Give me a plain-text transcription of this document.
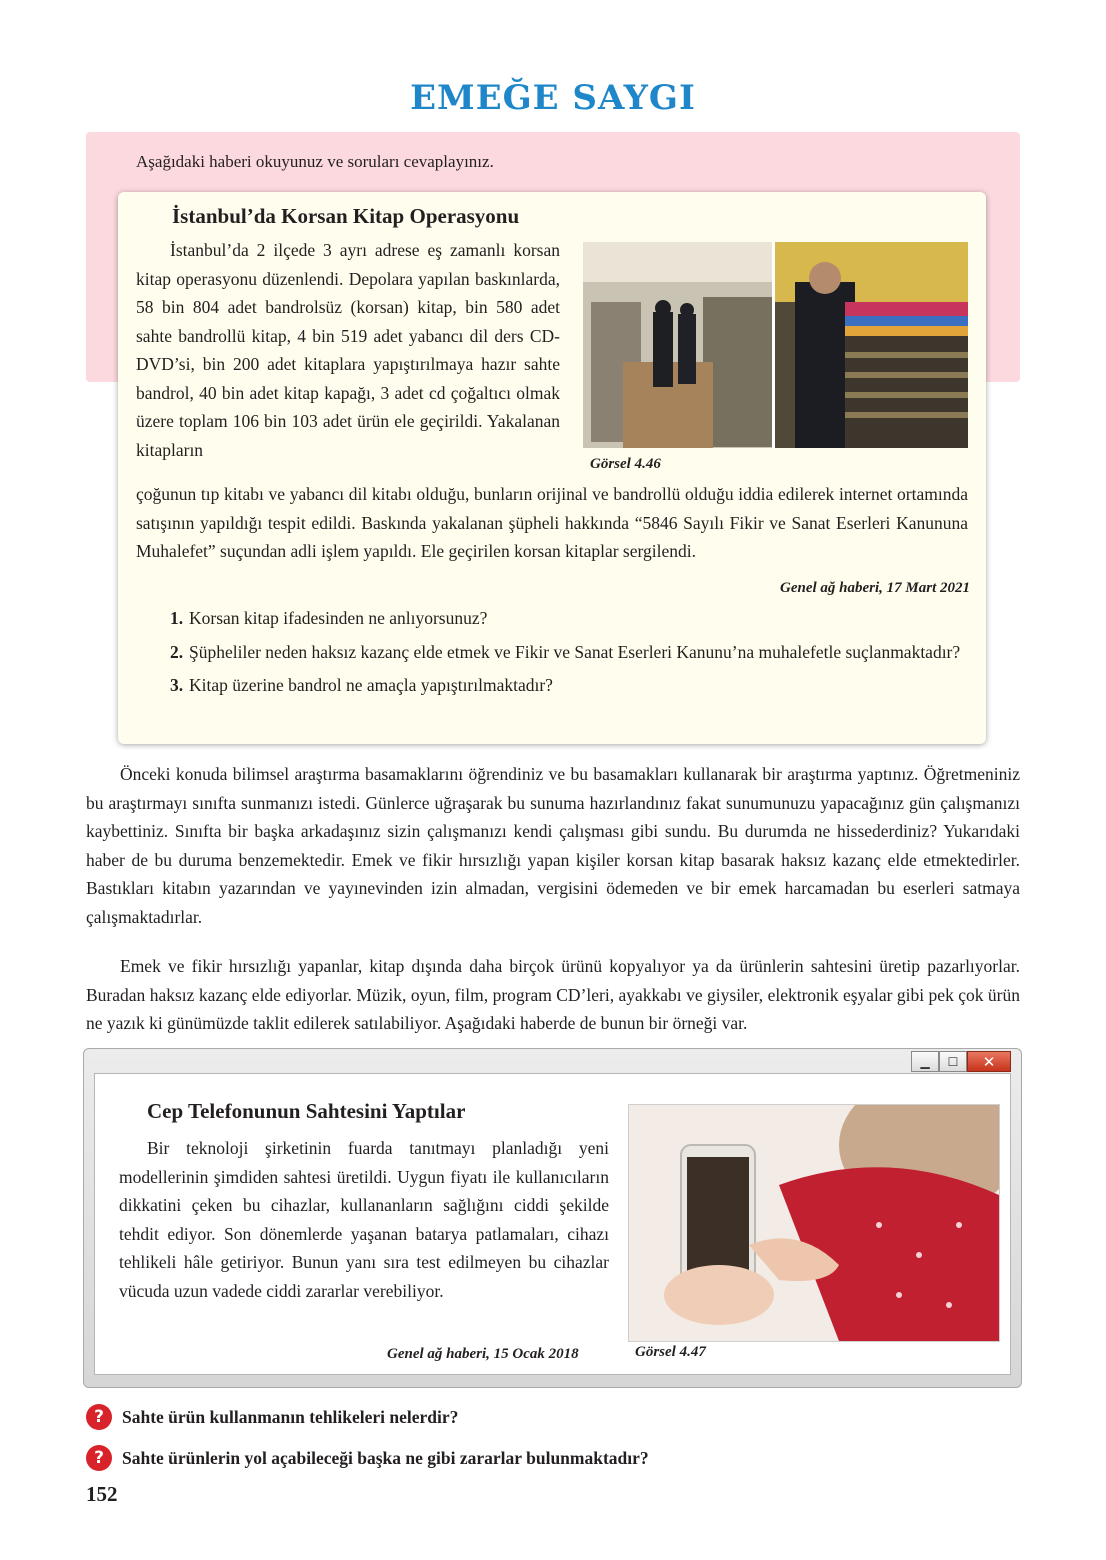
EMEĞE SAYGI
Aşağıdaki haberi okuyunuz ve soruları cevaplayınız.
İstanbul’da Korsan Kitap Operasyonu
İstanbul’da 2 ilçede 3 ayrı adrese eş zamanlı korsan kitap operasyonu düzenlendi. Depolara yapılan baskınlarda, 58 bin 804 adet bandrolsüz (korsan) kitap, bin 580 adet sahte bandrollü kitap, 4 bin 519 adet yabancı dil ders CD-DVD’si, bin 200 adet kitaplara yapıştırılmaya hazır sahte bandrol, 40 bin adet kitap kapağı, 3 adet cd çoğaltıcı olmak üzere toplam 106 bin 103 adet ürün ele geçirildi. Yakalanan kitapların
Görsel 4.46
çoğunun tıp kitabı ve yabancı dil kitabı olduğu, bunların orijinal ve bandrollü olduğu iddia edilerek internet ortamında satışının yapıldığı tespit edildi. Baskında yakalanan şüpheli hakkında “5846 Sayılı Fikir ve Sanat Eserleri Kanununa Muhalefet” suçundan adli işlem yapıldı. Ele geçirilen korsan kitaplar sergilendi.
Genel ağ haberi, 17 Mart 2021
1. Korsan kitap ifadesinden ne anlıyorsunuz?
2. Şüpheliler neden haksız kazanç elde etmek ve Fikir ve Sanat Eserleri Kanunu’na muhalefetle suçlanmaktadır?
3. Kitap üzerine bandrol ne amaçla yapıştırılmaktadır?
Önceki konuda bilimsel araştırma basamaklarını öğrendiniz ve bu basamakları kullanarak bir araştırma yaptınız. Öğretmeniniz bu araştırmayı sınıfta sunmanızı istedi. Günlerce uğraşarak bu sunuma hazırlandınız fakat sunumunuzu yapacağınız gün çalışmanızı kaybettiniz. Sınıfta bir başka arkadaşınız sizin çalışmanızı kendi çalışması gibi sundu. Bu durumda ne hissederdiniz? Yukarıdaki haber de bu duruma benzemektedir. Emek ve fikir hırsızlığı yapan kişiler korsan kitap basarak haksız kazanç elde etmektedirler. Bastıkları kitabın yazarından ve yayınevinden izin almadan, vergisini ödemeden ve bir emek harcamadan bu eserleri satmaya çalışmaktadırlar.
Emek ve fikir hırsızlığı yapanlar, kitap dışında daha birçok ürünü kopyalıyor ya da ürünlerin sahtesini üretip pazarlıyorlar. Buradan haksız kazanç elde ediyorlar. Müzik, oyun, film, program CD’leri, ayakkabı ve giysiler, elektronik eşyalar gibi pek çok ürün ne yazık ki günümüzde taklit edilerek satılabiliyor. Aşağıdaki haberde de bunun bir örneği var.
▁	☐	✕
Cep Telefonunun Sahtesini Yaptılar
Bir teknoloji şirketinin fuarda tanıtmayı planladığı yeni modellerinin şimdiden sahtesi üretildi. Uygun fiyatı ile kullanıcıların dikkatini çeken bu cihazlar, kullananların sağlığını ciddi şekilde tehdit ediyor. Son dönemlerde yaşanan batarya patlamaları, cihazı tehlikeli hâle getiriyor. Bunun yanı sıra test edilmeyen bu cihazlar vücuda uzun vadede ciddi zararlar verebiliyor.
Genel ağ haberi, 15 Ocak 2018	Görsel 4.47
?	Sahte ürün kullanmanın tehlikeleri nelerdir?
?	Sahte ürünlerin yol açabileceği başka ne gibi zararlar bulunmaktadır?
152
